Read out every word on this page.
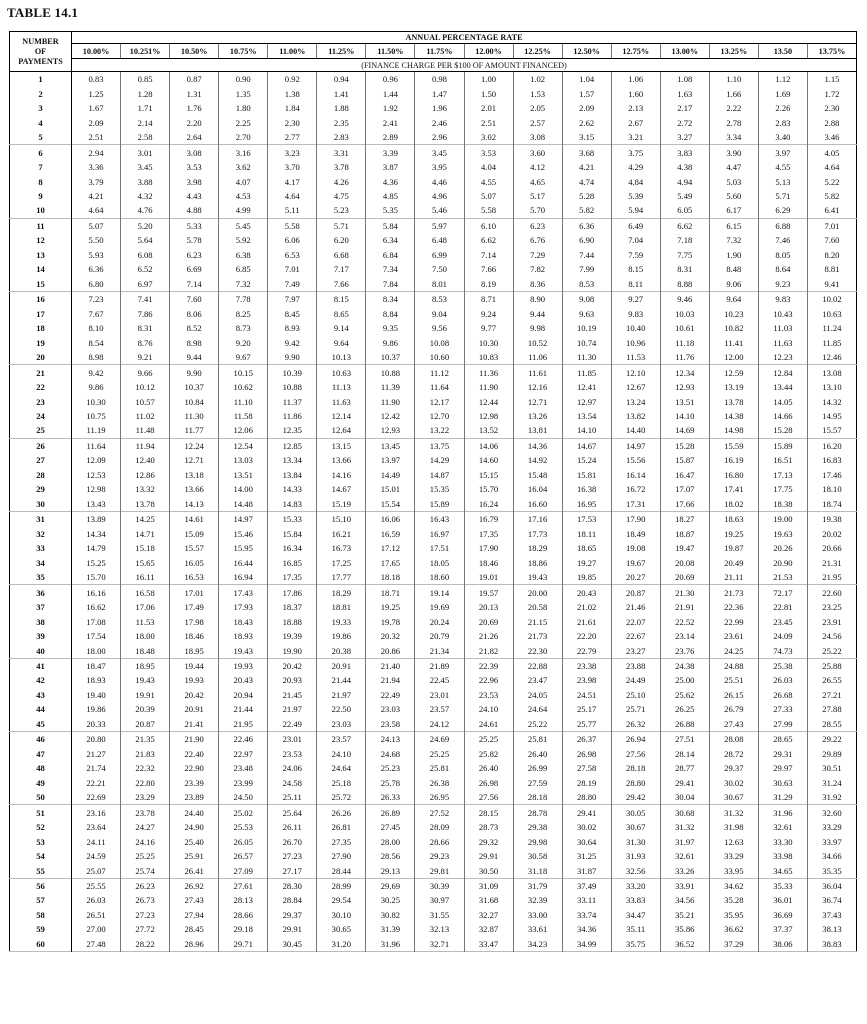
TABLE 14.1
NUMBER
OF
PAYMENTS	ANNUAL PERCENTAGE RATE															
	10.00%	10.251%	10.50%	10.75%	11.00%	11.25%	11.50%	11.75%	12.00%	12.25%	12.50%	12.75%	13.00%	13.25%	13.50	13.75%
	(FINANCE CHARGE PER $100 OF AMOUNT FINANCED)															
1	0.83	0.85	0.87	0.90	0.92	0.94	0.96	0.98	1.00	1.02	1.04	1.06	1.08	1.10	1.12	1.15
2	1.25	1.28	1.31	1.35	1.38	1.41	1.44	1.47	1.50	1.53	1.57	1.60	1.63	1.66	1.69	1.72
3	1.67	1.71	1.76	1.80	1.84	1.88	1.92	1.96	2.01	2.05	2.09	2.13	2.17	2.22	2.26	2.30
4	2.09	2.14	2.20	2.25	2.30	2.35	2.41	2.46	2.51	2.57	2.62	2.67	2.72	2.78	2.83	2.88
5	2.51	2.58	2.64	2.70	2.77	2.83	2.89	2.96	3.02	3.08	3.15	3.21	3.27	3.34	3.40	3.46
6	2.94	3.01	3.08	3.16	3.23	3.31	3.39	3.45	3.53	3.60	3.68	3.75	3.83	3.90	3.97	4.05
7	3.36	3.45	3.53	3.62	3.70	3.78	3.87	3.95	4.04	4.12	4.21	4.29	4.38	4.47	4.55	4.64
8	3.79	3.88	3.98	4.07	4.17	4.26	4.36	4.46	4.55	4.65	4.74	4.84	4.94	5.03	5.13	5.22
9	4.21	4.32	4.43	4.53	4.64	4.75	4.85	4.96	5.07	5.17	5.28	5.39	5.49	5.60	5.71	5.82
10	4.64	4.76	4.88	4.99	5.11	5.23	5.35	5.46	5.58	5.70	5.82	5.94	6.05	6.17	6.29	6.41
11	5.07	5.20	5.33	5.45	5.58	5.71	5.84	5.97	6.10	6.23	6.36	6.49	6.62	6.15	6.88	7.01
12	5.50	5.64	5.78	5.92	6.06	6.20	6.34	6.48	6.62	6.76	6.90	7.04	7.18	7.32	7.46	7.60
13	5.93	6.08	6.23	6.38	6.53	6.68	6.84	6.99	7.14	7.29	7.44	7.59	7.75	1.90	8.05	8.20
14	6.36	6.52	6.69	6.85	7.01	7.17	7.34	7.50	7.66	7.82	7.99	8.15	8.31	8.48	8.64	8.81
15	6.80	6.97	7.14	7.32	7.49	7.66	7.84	8.01	8.19	8.36	8.53	8.11	8.88	9.06	9.23	9.41
16	7.23	7.41	7.60	7.78	7.97	8.15	8.34	8.53	8.71	8.90	9.08	9.27	9.46	9.64	9.83	10.02
17	7.67	7.86	8.06	8.25	8.45	8.65	8.84	9.04	9.24	9.44	9.63	9.83	10.03	10.23	10.43	10.63
18	8.10	8.31	8.52	8.73	8.93	9.14	9.35	9.56	9.77	9.98	10.19	10.40	10.61	10.82	11.03	11.24
19	8.54	8.76	8.98	9.20	9.42	9.64	9.86	10.08	10.30	10.52	10.74	10.96	11.18	11.41	11.63	11.85
20	8.98	9.21	9.44	9.67	9.90	10.13	10.37	10.60	10.83	11.06	11.30	11.53	11.76	12.00	12.23	12.46
21	9.42	9.66	9.90	10.15	10.39	10.63	10.88	11.12	11.36	11.61	11.85	12.10	12.34	12.59	12.84	13.08
22	9.86	10.12	10.37	10.62	10.88	11.13	11.39	11.64	11.90	12.16	12.41	12.67	12.93	13.19	13.44	13.10
23	10.30	10.57	10.84	11.10	11.37	11.63	11.90	12.17	12.44	12.71	12.97	13.24	13.51	13.78	14.05	14.32
24	10.75	11.02	11.30	11.58	11.86	12.14	12.42	12.70	12.98	13.26	13.54	13.82	14.10	14.38	14.66	14.95
25	11.19	11.48	11.77	12.06	12.35	12.64	12.93	13.22	13.52	13.81	14.10	14.40	14.69	14.98	15.28	15.57
26	11.64	11.94	12.24	12.54	12.85	13.15	13.45	13.75	14.06	14.36	14.67	14.97	15.28	15.59	15.89	16.20
27	12.09	12.40	12.71	13.03	13.34	13.66	13.97	14.29	14.60	14.92	15.24	15.56	15.87	16.19	16.51	16.83
28	12.53	12.86	13.18	13.51	13.84	14.16	14.49	14.87	15.15	15.48	15.81	16.14	16.47	16.80	17.13	17.46
29	12.98	13.32	13.66	14.00	14.33	14.67	15.01	15.35	15.70	16.04	16.38	16.72	17.07	17.41	17.75	18.10
30	13.43	13.78	14.13	14.48	14.83	15.19	15.54	15.89	16.24	16.60	16.95	17.31	17.66	18.02	18.38	18.74
31	13.89	14.25	14.61	14.97	15.33	15.10	16.06	16.43	16.79	17.16	17.53	17.90	18.27	18.63	19.00	19.38
32	14.34	14.71	15.09	15.46	15.84	16.21	16.59	16.97	17.35	17.73	18.11	18.49	18.87	19.25	19.63	20.02
33	14.79	15.18	15.57	15.95	16.34	16.73	17.12	17.51	17.90	18.29	18.65	19.08	19.47	19.87	20.26	20.66
34	15.25	15.65	16.05	16.44	16.85	17.25	17.65	18.05	18.46	18.86	19.27	19.67	20.08	20.49	20.90	21.31
35	15.70	16.11	16.53	16.94	17.35	17.77	18.18	18.60	19.01	19.43	19.85	20.27	20.69	21.11	21.53	21.95
36	16.16	16.58	17.01	17.43	17.86	18.29	18.71	19.14	19.57	20.00	20.43	20.87	21.30	21.73	72.17	22.60
37	16.62	17.06	17.49	17.93	18.37	18.81	19.25	19.69	20.13	20.58	21.02	21.46	21.91	22.36	22.81	23.25
38	17.08	11.53	17.98	18.43	18.88	19.33	19.78	20.24	20.69	21.15	21.61	22.07	22.52	22.99	23.45	23.91
39	17.54	18.00	18.46	18.93	19.39	19.86	20.32	20.79	21.26	21.73	22.20	22.67	23.14	23.61	24.09	24.56
40	18.00	18.48	18.95	19.43	19.90	20.38	20.86	21.34	21.82	22.30	22.79	23.27	23.76	24.25	74.73	25.22
41	18.47	18.95	19.44	19.93	20.42	20.91	21.40	21.89	22.39	22.88	23.38	23.88	24.38	24.88	25.38	25.88
42	18.93	19.43	19.93	20.43	20.93	21.44	21.94	22.45	22.96	23.47	23.98	24.49	25.00	25.51	26.03	26.55
43	19.40	19.91	20.42	20.94	21.45	21.97	22.49	23.01	23.53	24.05	24.51	25.10	25.62	26.15	26.68	27.21
44	19.86	20.39	20.91	21.44	21.97	22.50	23.03	23.57	24.10	24.64	25.17	25.71	26.25	26.79	27.33	27.88
45	20.33	20.87	21.41	21.95	22.49	23.03	23.58	24.12	24.61	25.22	25.77	26.32	26.88	27.43	27.99	28.55
46	20.80	21.35	21.90	22.46	23.01	23.57	24.13	24.69	25.25	25.81	26.37	26.94	27.51	28.08	28.65	29.22
47	21.27	21.83	22.40	22.97	23.53	24.10	24.68	25.25	25.82	26.40	26.98	27.56	28.14	28.72	29.31	29.89
48	21.74	22.32	22.90	23.48	24.06	24.64	25.23	25.81	26.40	26.99	27.58	28.18	28.77	29.37	29.97	30.51
49	22.21	22.80	23.39	23.99	24.58	25.18	25.78	26.38	26.98	27.59	28.19	28.80	29.41	30.02	30.63	31.24
50	22.69	23.29	23.89	24.50	25.11	25.72	26.33	26.95	27.56	28.18	28.80	29.42	30.04	30.67	31.29	31.92
51	23.16	23.78	24.40	25.02	25.64	26.26	26.89	27.52	28.15	28.78	29.41	30.05	30.68	31.32	31.96	32.60
52	23.64	24.27	24.90	25.53	26.11	26.81	27.45	28.09	28.73	29.38	30.02	30.67	31.32	31.98	32.61	33.29
53	24.11	24.16	25.40	26.05	26.70	27.35	28.00	28.66	29.32	29.98	30.64	31.30	31.97	12.63	33.30	33.97
54	24.59	25.25	25.91	26.57	27.23	27.90	28.56	29.23	29.91	30.58	31.25	31.93	32.61	33.29	33.98	34.66
55	25.07	25.74	26.41	27.09	27.17	28.44	29.13	29.81	30.50	31.18	31.87	32.56	33.26	33.95	34.65	35.35
56	25.55	26.23	26.92	27.61	28.30	28.99	29.69	30.39	31.09	31.79	37.49	33.20	33.91	34.62	35.33	36.04
57	26.03	26.73	27.43	28.13	28.84	29.54	30.25	30.97	31.68	32.39	33.11	33.83	34.56	35.28	36.01	36.74
58	26.51	27.23	27.94	28.66	29.37	30.10	30.82	31.55	32.27	33.00	33.74	34.47	35.21	35.95	36.69	37.43
59	27.00	27.72	28.45	29.18	29.91	30.65	31.39	32.13	32.87	33.61	34.36	35.11	35.86	36.62	37.37	38.13
60	27.48	28.22	28.96	29.71	30.45	31.20	31.96	32.71	33.47	34.23	34.99	35.75	36.52	37.29	38.06	38.83
